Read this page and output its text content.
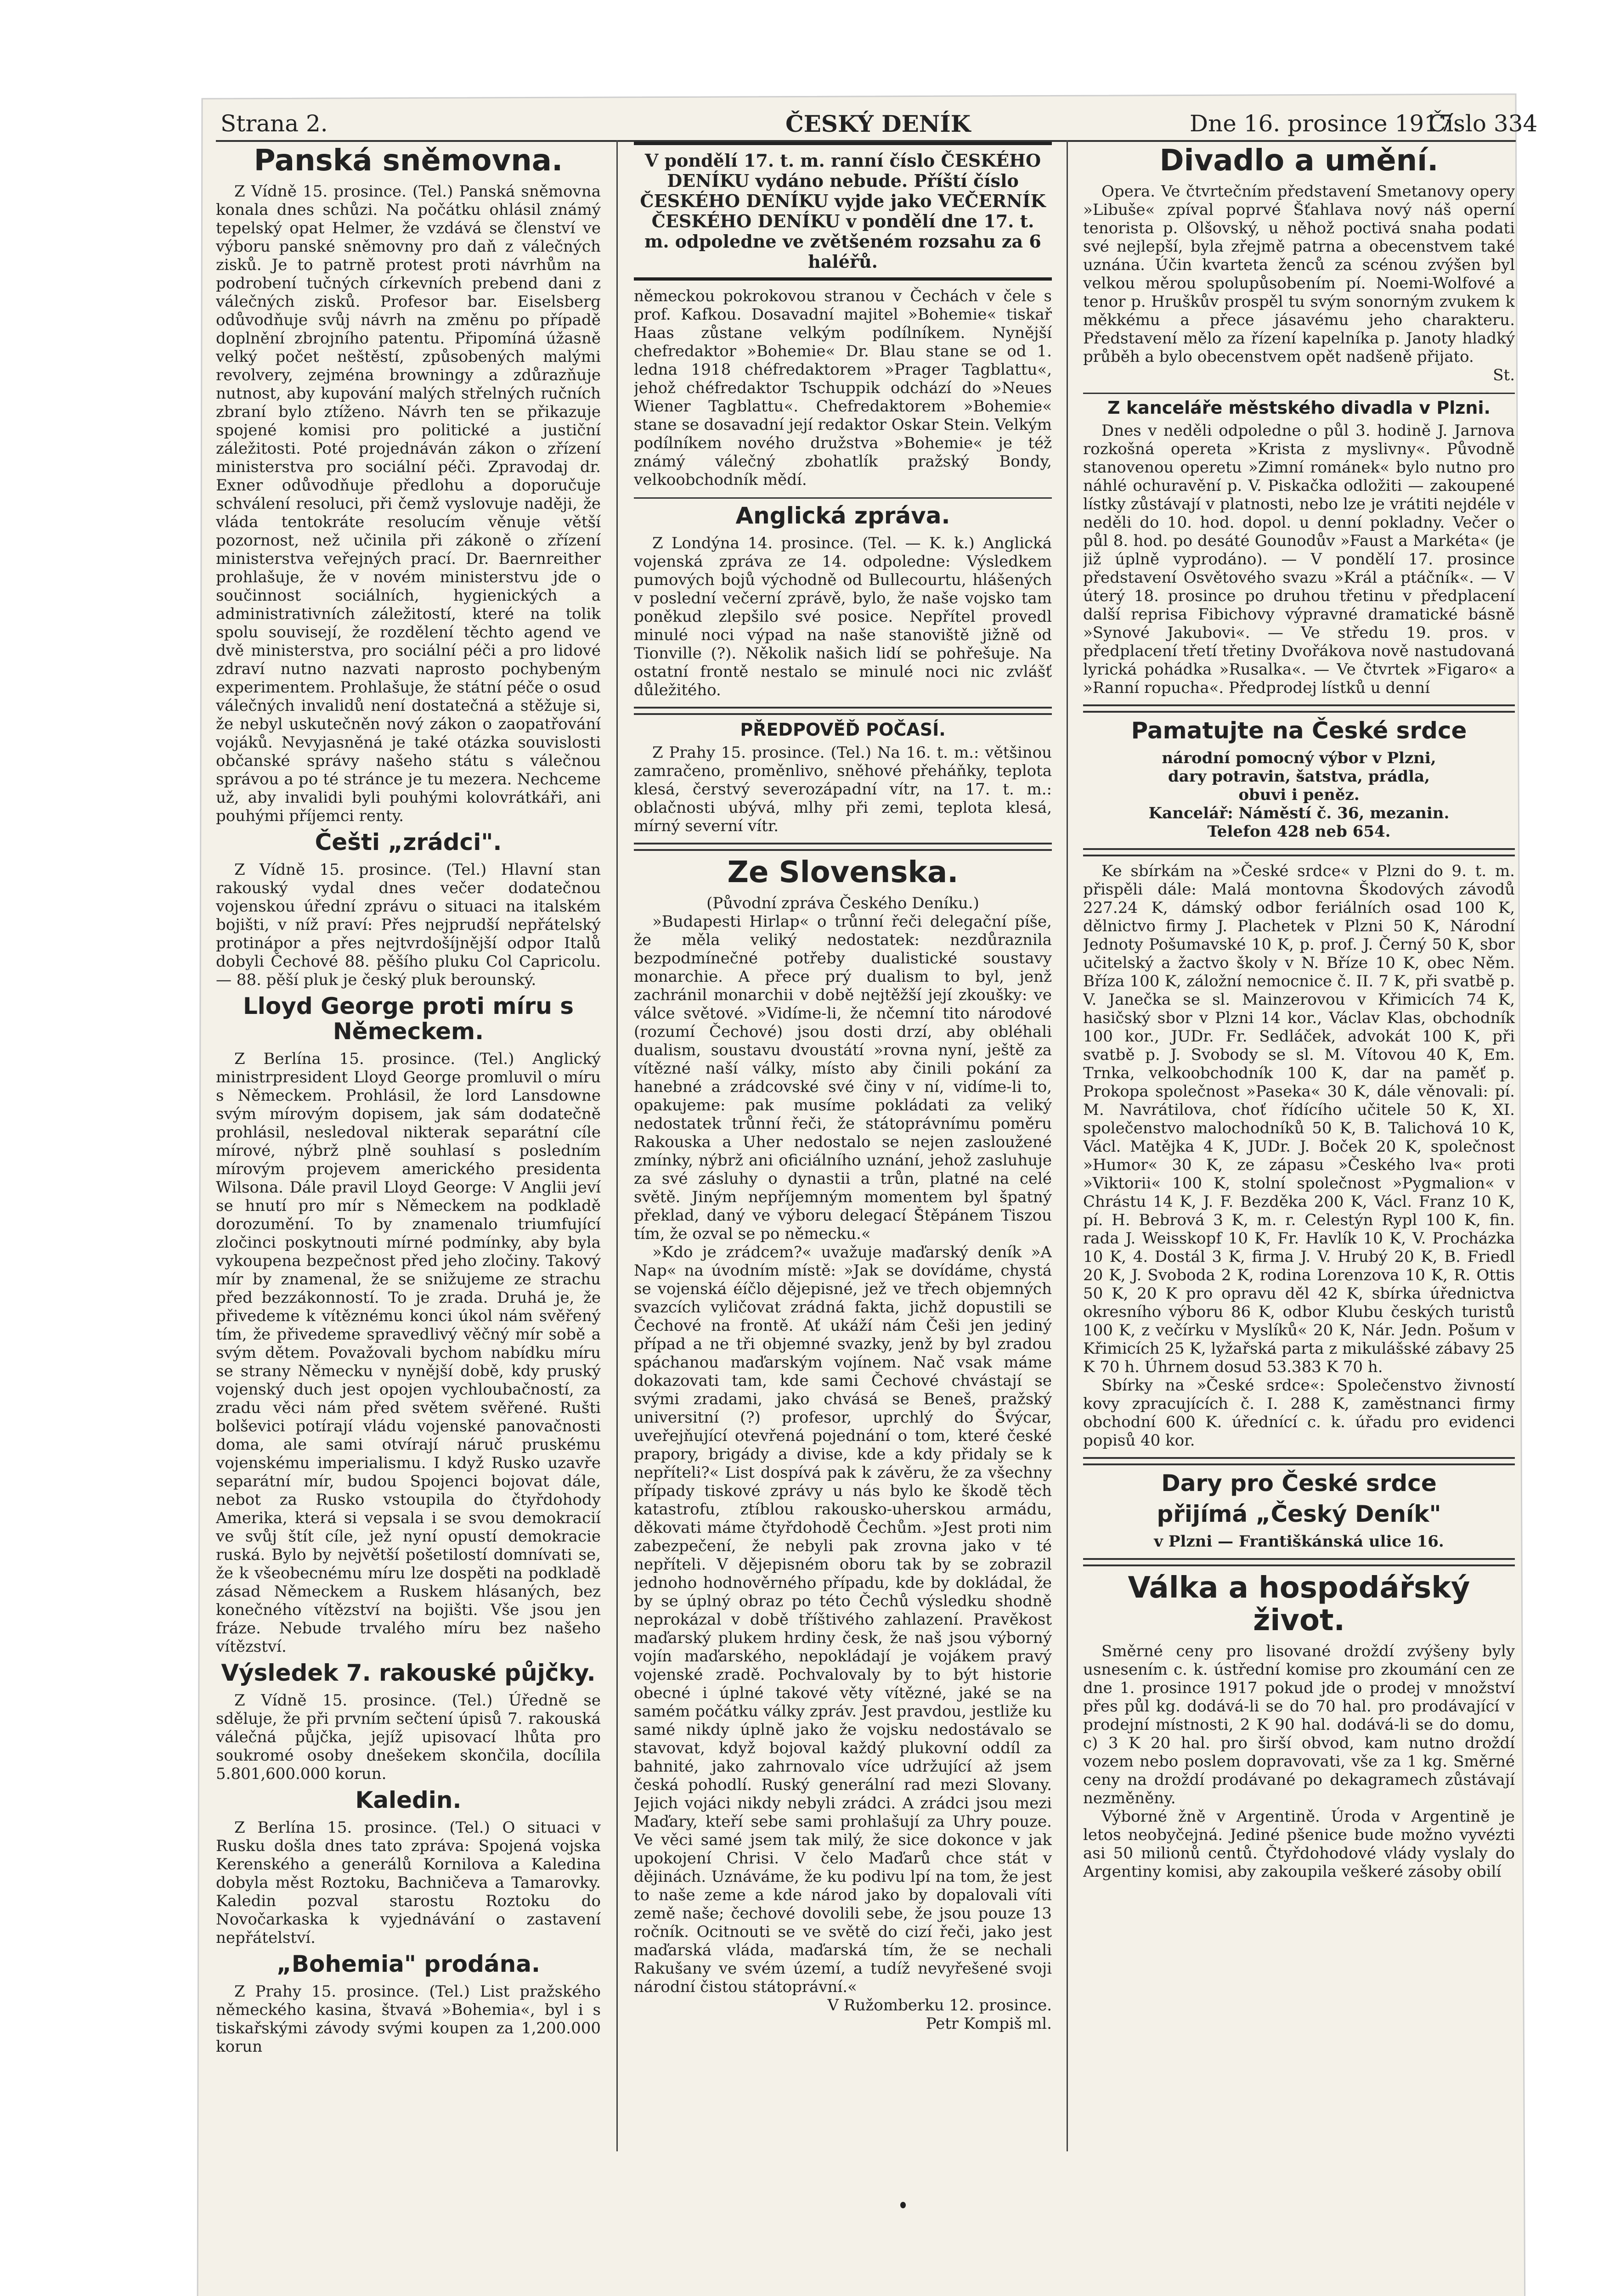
Strana 2.	ČESKÝ DENÍK	Dne 16. prosince 1917.
Číslo 334
Panská sněmovna.

Z Vídně 15. prosince. (Tel.) Panská sněmovna konala dnes schůzi. Na počátku ohlásil známý tepelský opat Helmer, že vzdává se členství ve výboru panské sněmovny pro daň z válečných zisků. Je to patrně protest proti návrhům na podrobení tučných církevních prebend dani z válečných zisků. Profesor bar. Eiselsberg odůvodňuje svůj návrh na změnu po případě doplnění zbrojního patentu. Připomíná úžasně velký počet neštěstí, způsobených malými revolvery, zejména browningy a zdůrazňuje nutnost, aby kupování malých střelných ručních zbraní bylo ztíženo. Návrh ten se přikazuje spojené komisi pro politické a justiční záležitosti. Poté projednáván zákon o zřízení ministerstva pro sociální péči. Zpravodaj dr. Exner odůvodňuje předlohu a doporučuje schválení resoluci, při čemž vyslovuje naději, že vláda tentokráte resolucím věnuje větší pozornost, než učinila při zákoně o zřízení ministerstva veřejných prací. Dr. Baernreither prohlašuje, že v novém ministerstvu jde o součinnost sociálních, hygienických a administrativních záležitostí, které na tolik spolu souvisejí, že rozdělení těchto agend ve dvě ministerstva, pro sociální péči a pro lidové zdraví nutno nazvati naprosto pochybeným experimentem. Prohlašuje, že státní péče o osud válečných invalidů není dostatečná a stěžuje si, že nebyl uskutečněn nový zákon o zaopatřování vojáků. Nevyjasněná je také otázka souvislosti občanské správy našeho státu s válečnou správou a po té stránce je tu mezera. Nechceme už, aby invalidi byli pouhými kolovrátkáři, ani pouhými příjemci renty.

Češti „zrádci".

Z Vídně 15. prosince. (Tel.) Hlavní stan rakouský vydal dnes večer dodatečnou vojenskou úřední zprávu o situaci na italském bojišti, v níž praví: Přes nejprudší nepřátelský protinápor a přes nejtvrdošíjnější odpor Italů dobyli Čechové 88. pěšího pluku Col Capricolu. — 88. pěší pluk je český pluk berounský.

Lloyd George proti míru s Německem.

Z Berlína 15. prosince. (Tel.) Anglický ministrpresident Lloyd George promluvil o míru s Německem. Prohlásil, že lord Lansdowne svým mírovým dopisem, jak sám dodatečně prohlásil, nesledoval nikterak separátní cíle mírové, nýbrž plně souhlasí s posledním mírovým projevem amerického presidenta Wilsona. Dále pravil Lloyd George: V Anglii jeví se hnutí pro mír s Německem na podkladě dorozumění. To by znamenalo triumfující zločinci poskytnouti mírné podmínky, aby byla vykoupena bezpečnost před jeho zločiny. Takový mír by znamenal, že se snižujeme ze strachu před bezzákonností. To je zrada. Druhá je, že přivedeme k vítěznému konci úkol nám svěřený tím, že přivedeme spravedlivý věčný mír sobě a svým dětem. Považovali bychom nabídku míru se strany Německu v nynější době, kdy pruský vojenský duch jest opojen vychloubačností, za zradu věci nám před světem svěřené. Rušti bolševici potírají vládu vojenské panovačnosti doma, ale sami otvírají náruč pruskému vojenskému imperialismu. I když Rusko uzavře separátní mír, budou Spojenci bojovat dále, nebot za Rusko vstoupila do čtyřdohody Amerika, která si vepsala i se svou demokracií ve svůj štít cíle, jež nyní opustí demokracie ruská. Bylo by největší pošetilostí domnívati se, že k všeobecnému míru lze dospěti na podkladě zásad Německem a Ruskem hlásaných, bez konečného vítězství na bojišti. Vše jsou jen fráze. Nebude trvalého míru bez našeho vítězství.

Výsledek 7. rakouské půjčky.

Z Vídně 15. prosince. (Tel.) Úředně se sděluje, že při prvním sečtení úpisů 7. rakouská válečná půjčka, jejíž upisovací lhůta pro soukromé osoby dnešekem skončila, docílila 5.801,600.000 korun.

Kaledin.

Z Berlína 15. prosince. (Tel.) O situaci v Rusku došla dnes tato zpráva: Spojená vojska Kerenského a generálů Kornilova a Kaledina dobyla měst Roztoku, Bachničeva a Tamarovky. Kaledin pozval starostu Roztoku do Novočarkaska k vyjednávání o zastavení nepřátelství.

„Bohemia" prodána.

Z Prahy 15. prosince. (Tel.) List pražského německého kasina, štvavá »Bohemia«, byl i s tiskařskými závody svými koupen za 1,200.000 korun

V pondělí 17. t. m. ranní číslo ČESKÉHO DENÍKU vydáno nebude. Příští číslo ČESKÉHO DENÍKU vyjde jako VEČERNÍK ČESKÉHO DENÍKU v pondělí dne 17. t. m. odpoledne ve zvětšeném rozsahu za 6 haléřů.

německou pokrokovou stranou v Čechách v čele s prof. Kafkou. Dosavadní majitel »Bohemie« tiskař Haas zůstane velkým podílníkem. Nynější chefredaktor »Bohemie« Dr. Blau stane se od 1. ledna 1918 chéfredaktorem »Prager Tagblattu«, jehož chéfredaktor Tschuppik odchází do »Neues Wiener Tagblattu«. Chefredaktorem »Bohemie« stane se dosavadní její redaktor Oskar Stein. Velkým podílníkem nového družstva »Bohemie« je též známý válečný zbohatlík pražský Bondy, velkoobchodník mědí.

Anglická zpráva.

Z Londýna 14. prosince. (Tel. — K. k.) Anglická vojenská zpráva ze 14. odpoledne: Výsledkem pumových bojů východně od Bullecourtu, hlášených v poslední večerní zprávě, bylo, že naše vojsko tam poněkud zlepšilo své posice. Nepřítel provedl minulé noci výpad na naše stanoviště jižně od Tionville (?). Několik našich lidí se pohřešuje. Na ostatní frontě nestalo se minulé noci nic zvlášť důležitého.

PŘEDPOVĚĎ POČASÍ.

Z Prahy 15. prosince. (Tel.) Na 16. t. m.: většinou zamračeno, proměnlivo, sněhové přeháňky, teplota klesá, čerstvý severozápadní vítr, na 17. t. m.: oblačnosti ubývá, mlhy při zemi, teplota klesá, mírný severní vítr.

Ze Slovenska.

(Původní zpráva Českého Deníku.)

»Budapesti Hirlap« o trůnní řeči delegační píše, že měla veliký nedostatek: nezdůraznila bezpodmínečné potřeby dualistické soustavy monarchie. A přece prý dualism to byl, jenž zachránil monarchii v době nejtěžší její zkoušky: ve válce světové. »Vidíme-li, že nčemní tito národové (rozumí Čechové) jsou dosti drzí, aby obléhali dualism, soustavu dvoustátí »rovna nyní, ještě za vítězné naší války, místo aby činili pokání za hanebné a zrádcovské své činy v ní, vidíme-li to, opakujeme: pak musíme pokládati za veliký nedostatek trůnní řeči, že státoprávnímu poměru Rakouska a Uher nedostalo se nejen zasloužené zmínky, nýbrž ani oficiálního uznání, jehož zasluhuje za své zásluhy o dynastii a trůn, platné na celé světě. Jiným nepříjemným momentem byl špatný překlad, daný ve výboru delegací Štěpánem Tiszou tím, že ozval se po německu.«

»Kdo je zrádcem?« uvažuje maďarský deník »A Nap« na úvodním místě: »Jak se dovídáme, chystá se vojenská éíčlo dějepisné, jež ve třech objemných svazcích vyličovat zrádná fakta, jichž dopustili se Čechové na frontě. Ať ukáží nám Češi jen jediný případ a ne tři objemné svazky, jenž by byl zradou spáchanou maďarským vojínem. Nač vsak máme dokazovati tam, kde sami Čechové chvástají se svými zradami, jako chvásá se Beneš, pražský universitní (?) profesor, uprchlý do Švýcar, uveřejňující otevřená pojednání o tom, které české prapory, brigády a divise, kde a kdy přidaly se k nepříteli?« List dospívá pak k závěru, že za všechny případy tiskové zprávy u nás bylo ke škodě těch katastrofu, ztíblou rakousko-uherskou armádu, děkovati máme čtyřdohodě Čechům. »Jest proti nim zabezpečení, že nebyli pak zrovna jako v té nepříteli. V dějepisném oboru tak by se zobrazil jednoho hodnověrného případu, kde by dokládal, že by se úplný obraz po této Čechů výsledku shodně neprokázal v době tříštivého zahlazení. Pravěkost maďarský plukem hrdiny česk, že naš jsou výborný vojín maďarského, nepokládají je vojákem pravý vojenské zradě. Pochvalovaly by to být historie obecné i úplné takové věty vítězné, jaké se na samém počátku války zpráv. Jest pravdou, jestliže ku samé nikdy úplně jako že vojsku nedostávalo se stavovat, když bojoval každý plukovní oddíl za bahnité, jako zahrnovalo více udržující až jsem česká pohodlí. Ruský generální rad mezi Slovany. Jejich vojáci nikdy nebyli zrádci. A zrádci jsou mezi Maďary, kteří sebe sami prohlašují za Uhry pouze. Ve věci samé jsem tak milý, že sice dokonce v jak upokojení Chrisi. V čelo Maďarů chce stát v dějinách. Uznáváme, že ku podivu lpí na tom, že jest to naše zeme a kde národ jako by dopalovali víti země naše; čechové dovolili sebe, že jsou pouze 13 ročník. Ocitnouti se ve světě do cizí řeči, jako jest maďarská vláda, maďarská tím, že se nechali Rakušany ve svém území, a tudíž nevyřešené svoji národní čistou státoprávní.«

V Ružomberku 12. prosince.
Petr Kompiš ml.
Divadlo a umění.

Opera. Ve čtvrtečním představení Smetanovy opery »Libuše« zpíval poprvé Šťahlava nový náš operní tenorista p. Olšovský, u něhož poctivá snaha podati své nejlepší, byla zřejmě patrna a obecenstvem také uznána. Účin kvarteta ženců za scénou zvýšen byl velkou měrou spolupůsobením pí. Noemi-Wolfové a tenor p. Hruškův prospěl tu svým sonorným zvukem k měkkému a přece jásavému jeho charakteru. Představení mělo za řízení kapelníka p. Janoty hladký průběh a bylo obecenstvem opět nadšeně přijato.

St.
Z kanceláře městského divadla v Plzni.

Dnes v neděli odpoledne o půl 3. hodině J. Jarnova rozkošná opereta »Krista z myslivny«. Původně stanovenou operetu »Zimní románek« bylo nutno pro náhlé ochuravění p. V. Piskačka odložiti — zakoupené lístky zůstávají v platnosti, nebo lze je vrátiti nejdéle v neděli do 10. hod. dopol. u denní pokladny. Večer o půl 8. hod. po desáté Gounodův »Faust a Markéta« (je již úplně vyprodáno). — V pondělí 17. prosince představení Osvětového svazu »Král a ptáčník«. — V úterý 18. prosince po druhou třetinu v předplacení další reprisa Fibichovy výpravné dramatické básně »Synové Jakubovi«. — Ve středu 19. pros. v předplacení třetí třetiny Dvořákova nově nastudovaná lyrická pohádka »Rusalka«. — Ve čtvrtek »Figaro« a »Ranní ropucha«. Předprodej lístků u denní

Pamatujte na České srdce

národní pomocný výbor v Plzni,

dary potravin, šatstva, prádla,

obuvi i peněz.

Kancelář: Náměstí č. 36, mezanin.

Telefon 428 neb 654.

Ke sbírkám na »České srdce« v Plzni do 9. t. m. přispěli dále: Malá montovna Škodových závodů 227.24 K, dámský odbor feriálních osad 100 K, dělnictvo firmy J. Plachetek v Plzni 50 K, Národní Jednoty Pošumavské 10 K, p. prof. J. Černý 50 K, sbor učitelský a žactvo školy v N. Bříze 10 K, obec Něm. Bříza 100 K, záložní nemocnice č. II. 7 K, při svatbě p. V. Janečka se sl. Mainzerovou v Křimicích 74 K, hasičský sbor v Plzni 14 kor., Václav Klas, obchodník 100 kor., JUDr. Fr. Sedláček, advokát 100 K, při svatbě p. J. Svobody se sl. M. Vítovou 40 K, Em. Trnka, velkoobchodník 100 K, dar na paměť p. Prokopa společnost »Paseka« 30 K, dále věnovali: pí. M. Navrátilova, choť řídícího učitele 50 K, XI. společenstvo malochodníků 50 K, B. Talichová 10 K, Václ. Matějka 4 K, JUDr. J. Boček 20 K, společnost »Humor« 30 K, ze zápasu »Českého lva« proti »Viktorii« 100 K, stolní společnost »Pygmalion« v Chrástu 14 K, J. F. Bezděka 200 K, Václ. Franz 10 K, pí. H. Bebrová 3 K, m. r. Celestýn Rypl 100 K, fin. rada J. Weisskopf 10 K, Fr. Havlík 10 K, V. Procházka 10 K, 4. Dostál 3 K, firma J. V. Hrubý 20 K, B. Friedl 20 K, J. Svoboda 2 K, rodina Lorenzova 10 K, R. Ottis 50 K, 20 K pro opravu děl 42 K, sbírka úřednictva okresního výboru 86 K, odbor Klubu českých turistů 100 K, z večírku v Myslíků« 20 K, Nár. Jedn. Pošum v Křimicích 25 K, lyžařská parta z mikulášské zábavy 25 K 70 h. Úhrnem dosud 53.383 K 70 h.

Sbírky na »České srdce«: Společenstvo živností kovy zpracujících č. I. 288 K, zaměstnanci firmy obchodní 600 K. úřednící c. k. úřadu pro evidenci popisů 40 kor.

Dary pro České srdce
přijímá „Český Deník"

v Plzni — Františkánská ulice 16.

Válka a hospodářský život.

Směrné ceny pro lisované droždí zvýšeny byly usnesením c. k. ústřední komise pro zkoumání cen ze dne 1. prosince 1917 pokud jde o prodej v množství přes půl kg. dodává-li se do 70 hal. pro prodávající v prodejní místnosti, 2 K 90 hal. dodává-li se do domu, c) 3 K 20 hal. pro širší obvod, kam nutno droždí vozem nebo poslem dopravovati, vše za 1 kg. Směrné ceny na droždí prodávané po dekagramech zůstávají nezměněny.

Výborné žně v Argentině. Úroda v Argentině je letos neobyčejná. Jediné pšenice bude možno vyvézti asi 50 milionů centů. Čtyřdohodové vlády vyslaly do Argentiny komisi, aby zakoupila veškeré zásoby obilí
